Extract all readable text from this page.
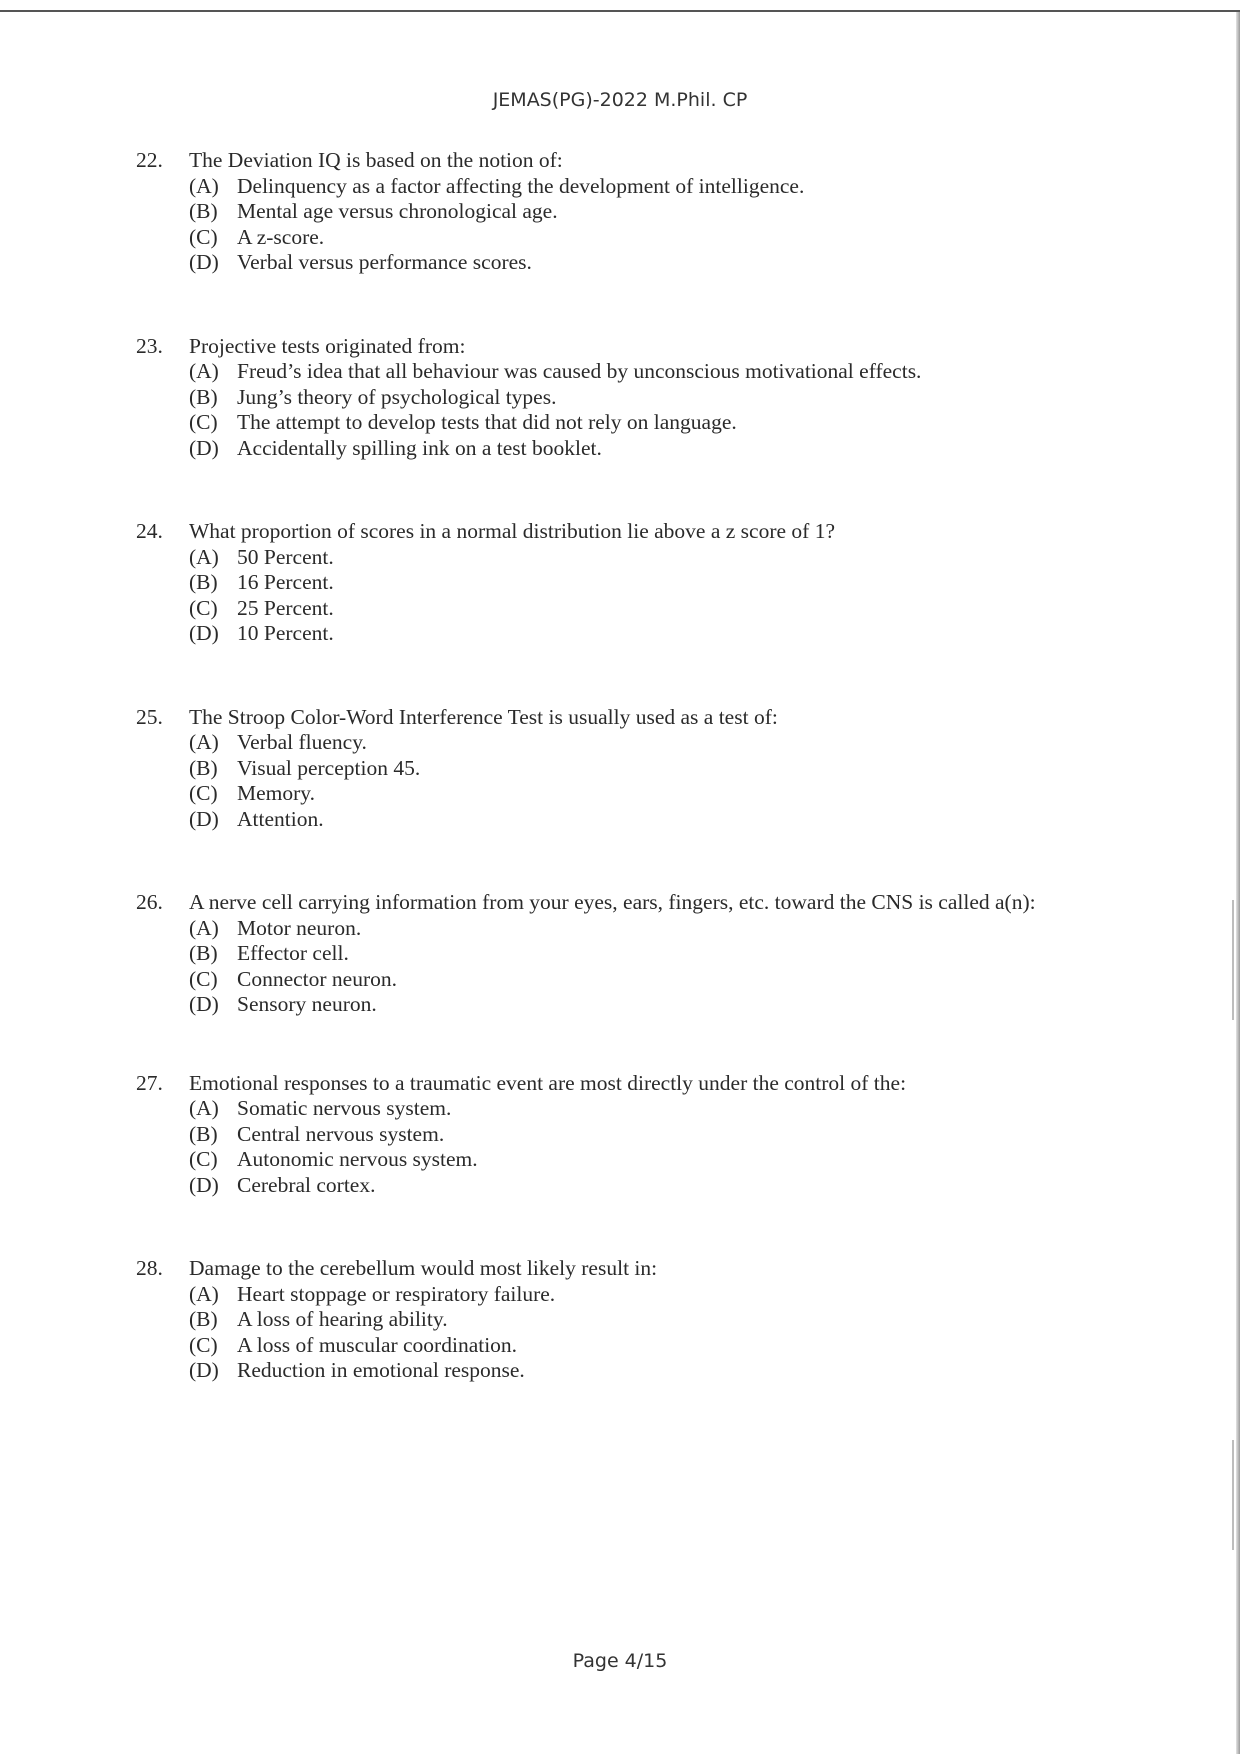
JEMAS(PG)-2022 M.Phil. CP
22.	The Deviation IQ is based on the notion of:
(A) Delinquency as a factor affecting the development of intelligence.
(B) Mental age versus chronological age.
(C) A z-score.
(D) Verbal versus performance scores.
23.	Projective tests originated from:
(A) Freud’s idea that all behaviour was caused by unconscious motivational effects.
(B) Jung’s theory of psychological types.
(C) The attempt to develop tests that did not rely on language.
(D) Accidentally spilling ink on a test booklet.
24.	What proportion of scores in a normal distribution lie above a z score of 1?
(A) 50 Percent.
(B) 16 Percent.
(C) 25 Percent.
(D) 10 Percent.
25.	The Stroop Color-Word Interference Test is usually used as a test of:
(A) Verbal fluency.
(B) Visual perception 45.
(C) Memory.
(D) Attention.
26.	A nerve cell carrying information from your eyes, ears, fingers, etc. toward the CNS is called a(n):
(A) Motor neuron.
(B) Effector cell.
(C) Connector neuron.
(D) Sensory neuron.
27.	Emotional responses to a traumatic event are most directly under the control of the:
(A) Somatic nervous system.
(B) Central nervous system.
(C) Autonomic nervous system.
(D) Cerebral cortex.
28.	Damage to the cerebellum would most likely result in:
(A) Heart stoppage or respiratory failure.
(B) A loss of hearing ability.
(C) A loss of muscular coordination.
(D) Reduction in emotional response.
Page 4/15
